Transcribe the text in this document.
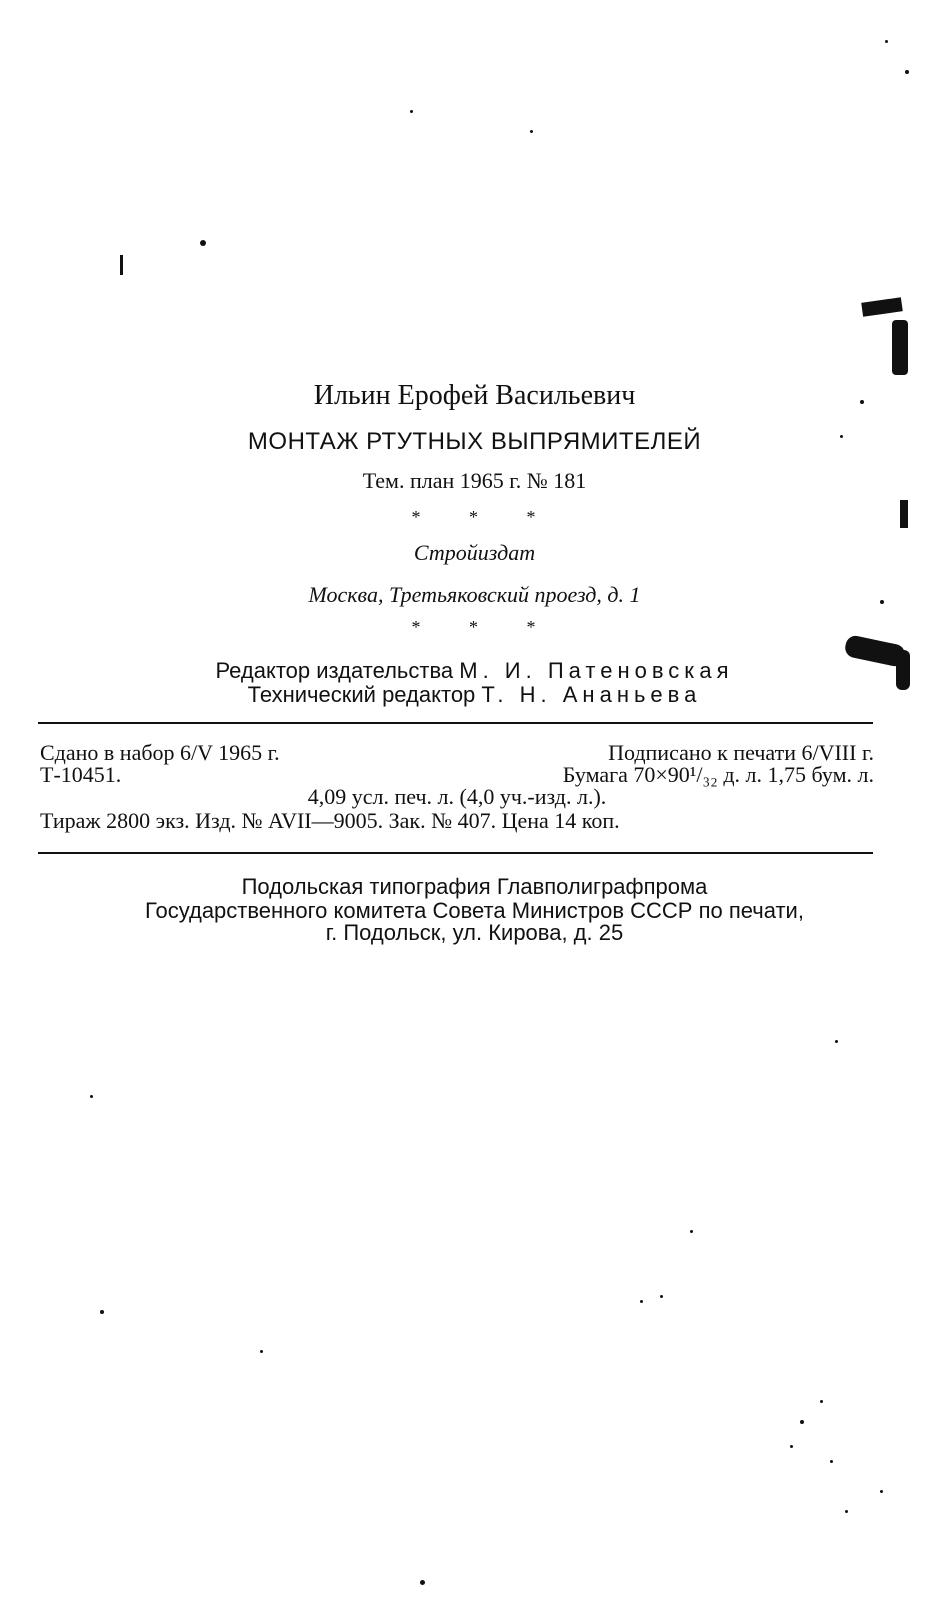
Ильин Ерофей Васильевич
МОНТАЖ РТУТНЫХ ВЫПРЯМИТЕЛЕЙ
Тем. план 1965 г. № 181
* * *
Стройиздат
Москва, Третьяковский проезд, д. 1
* * *
Редактор издательства М. И. Патеновская
Технический редактор Т. Н. Ананьева
Сдано в набор 6/V 1965 г.	Подписано к печати 6/VIII г.
Т-10451.	Бумага 70×90¹/₃₂ д. л. 1,75 бум. л.
4,09 усл. печ. л. (4,0 уч.-изд. л.).
Тираж 2800 экз. Изд. № AVII—9005. Зак. № 407. Цена 14 коп.
Подольская типография Главполиграфпрома
Государственного комитета Совета Министров СССР по печати,
г. Подольск, ул. Кирова, д. 25
